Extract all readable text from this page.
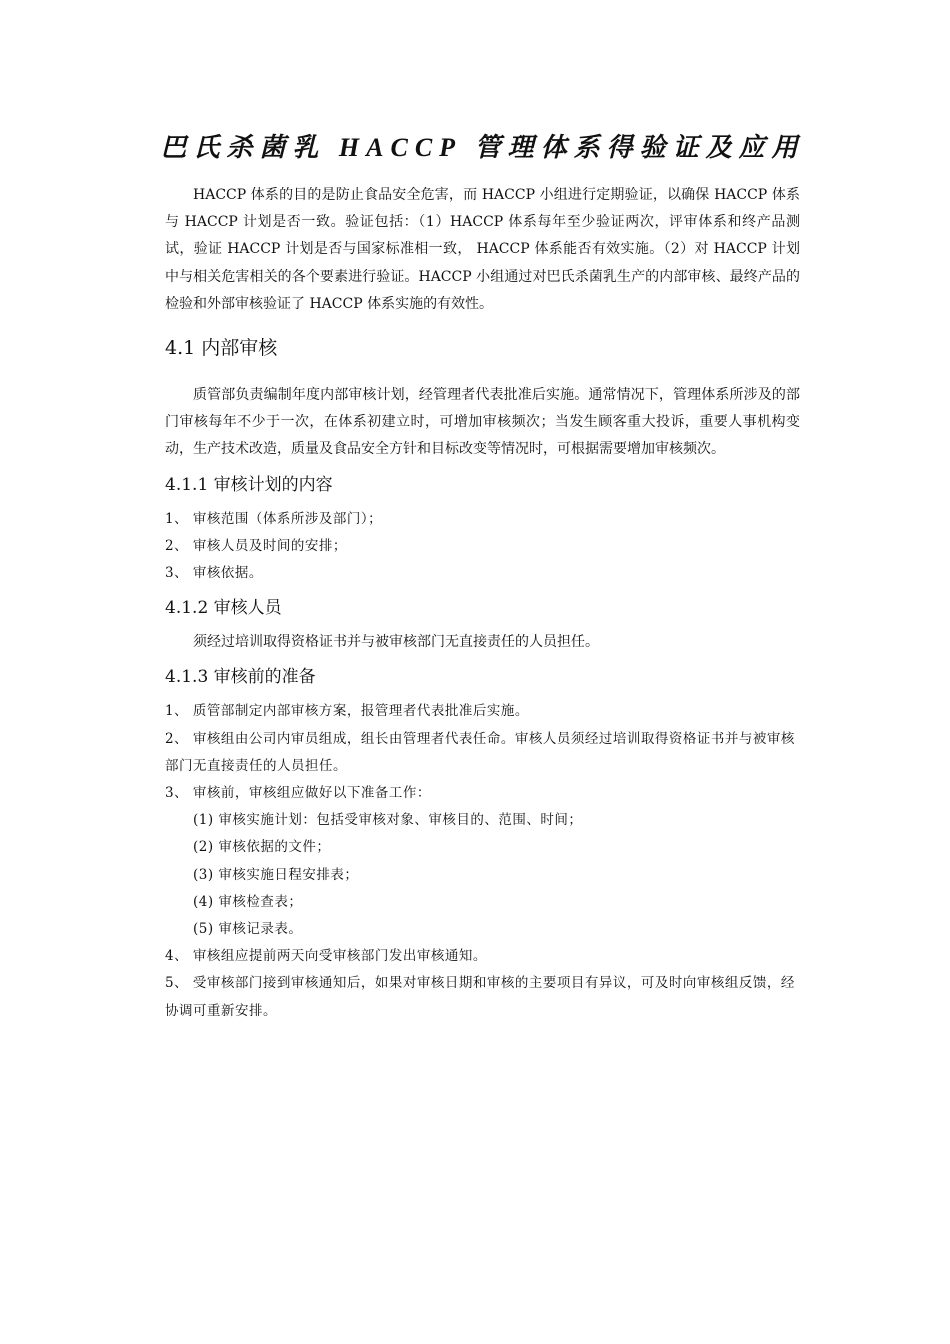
巴氏杀菌乳 HACCP 管理体系得验证及应用

HACCP 体系的目的是防止食品安全危害，而 HACCP 小组进行定期验证，以确保 HACCP 体系与 HACCP 计划是否一致。验证包括：（1）HACCP 体系每年至少验证两次，评审体系和终产品测试，验证 HACCP 计划是否与国家标准相一致， HACCP 体系能否有效实施。（2）对 HACCP 计划中与相关危害相关的各个要素进行验证。HACCP 小组通过对巴氏杀菌乳生产的内部审核、最终产品的检验和外部审核验证了 HACCP 体系实施的有效性。

4.1 内部审核

质管部负责编制年度内部审核计划，经管理者代表批准后实施。通常情况下，管理体系所涉及的部门审核每年不少于一次，在体系初建立时，可增加审核频次；当发生顾客重大投诉，重要人事机构变动，生产技术改造，质量及食品安全方针和目标改变等情况时，可根据需要增加审核频次。

4.1.1 审核计划的内容

1、 审核范围（体系所涉及部门）；

2、 审核人员及时间的安排；

3、 审核依据。

4.1.2 审核人员

须经过培训取得资格证书并与被审核部门无直接责任的人员担任。

4.1.3 审核前的准备

1、 质管部制定内部审核方案，报管理者代表批准后实施。

2、 审核组由公司内审员组成，组长由管理者代表任命。审核人员须经过培训取得资格证书并与被审核部门无直接责任的人员担任。

3、 审核前，审核组应做好以下准备工作：

(1) 审核实施计划：包括受审核对象、审核目的、范围、时间；

(2) 审核依据的文件；

(3) 审核实施日程安排表；

(4) 审核检查表；

(5) 审核记录表。

4、 审核组应提前两天向受审核部门发出审核通知。

5、 受审核部门接到审核通知后，如果对审核日期和审核的主要项目有异议，可及时向审核组反馈，经协调可重新安排。
